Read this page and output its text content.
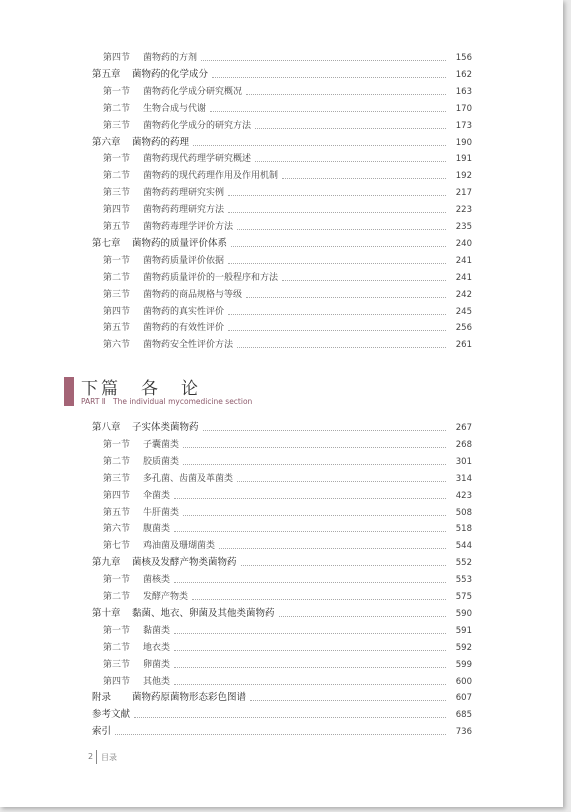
第四节 菌物药的方剂	156
第五章 菌物药的化学成分	162
第一节 菌物药化学成分研究概况	163
第二节 生物合成与代谢	170
第三节 菌物药化学成分的研究方法	173
第六章 菌物药的药理	190
第一节 菌物药现代药理学研究概述	191
第二节 菌物药的现代药理作用及作用机制	192
第三节 菌物药药理研究实例	217
第四节 菌物药药理研究方法	223
第五节 菌物药毒理学评价方法	235
第七章 菌物药的质量评价体系	240
第一节 菌物药质量评价依据	241
第二节 菌物药质量评价的一般程序和方法	241
第三节 菌物药的商品规格与等级	242
第四节 菌物药的真实性评价	245
第五节 菌物药的有效性评价	256
第六节 菌物药安全性评价方法	261
下篇　各　论
PART Ⅱ　The individual mycomedicine section
第八章 子实体类菌物药	267
第一节 子囊菌类	268
第二节 胶质菌类	301
第三节 多孔菌、齿菌及革菌类	314
第四节 伞菌类	423
第五节 牛肝菌类	508
第六节 腹菌类	518
第七节 鸡油菌及珊瑚菌类	544
第九章 菌核及发酵产物类菌物药	552
第一节 菌核类	553
第二节 发酵产物类	575
第十章 黏菌、地衣、卵菌及其他类菌物药	590
第一节 黏菌类	591
第二节 地衣类	592
第三节 卵菌类	599
第四节 其他类	600
附录 菌物药原菌物形态彩色图谱	607
参考文献	685
索引	736
2 目录
